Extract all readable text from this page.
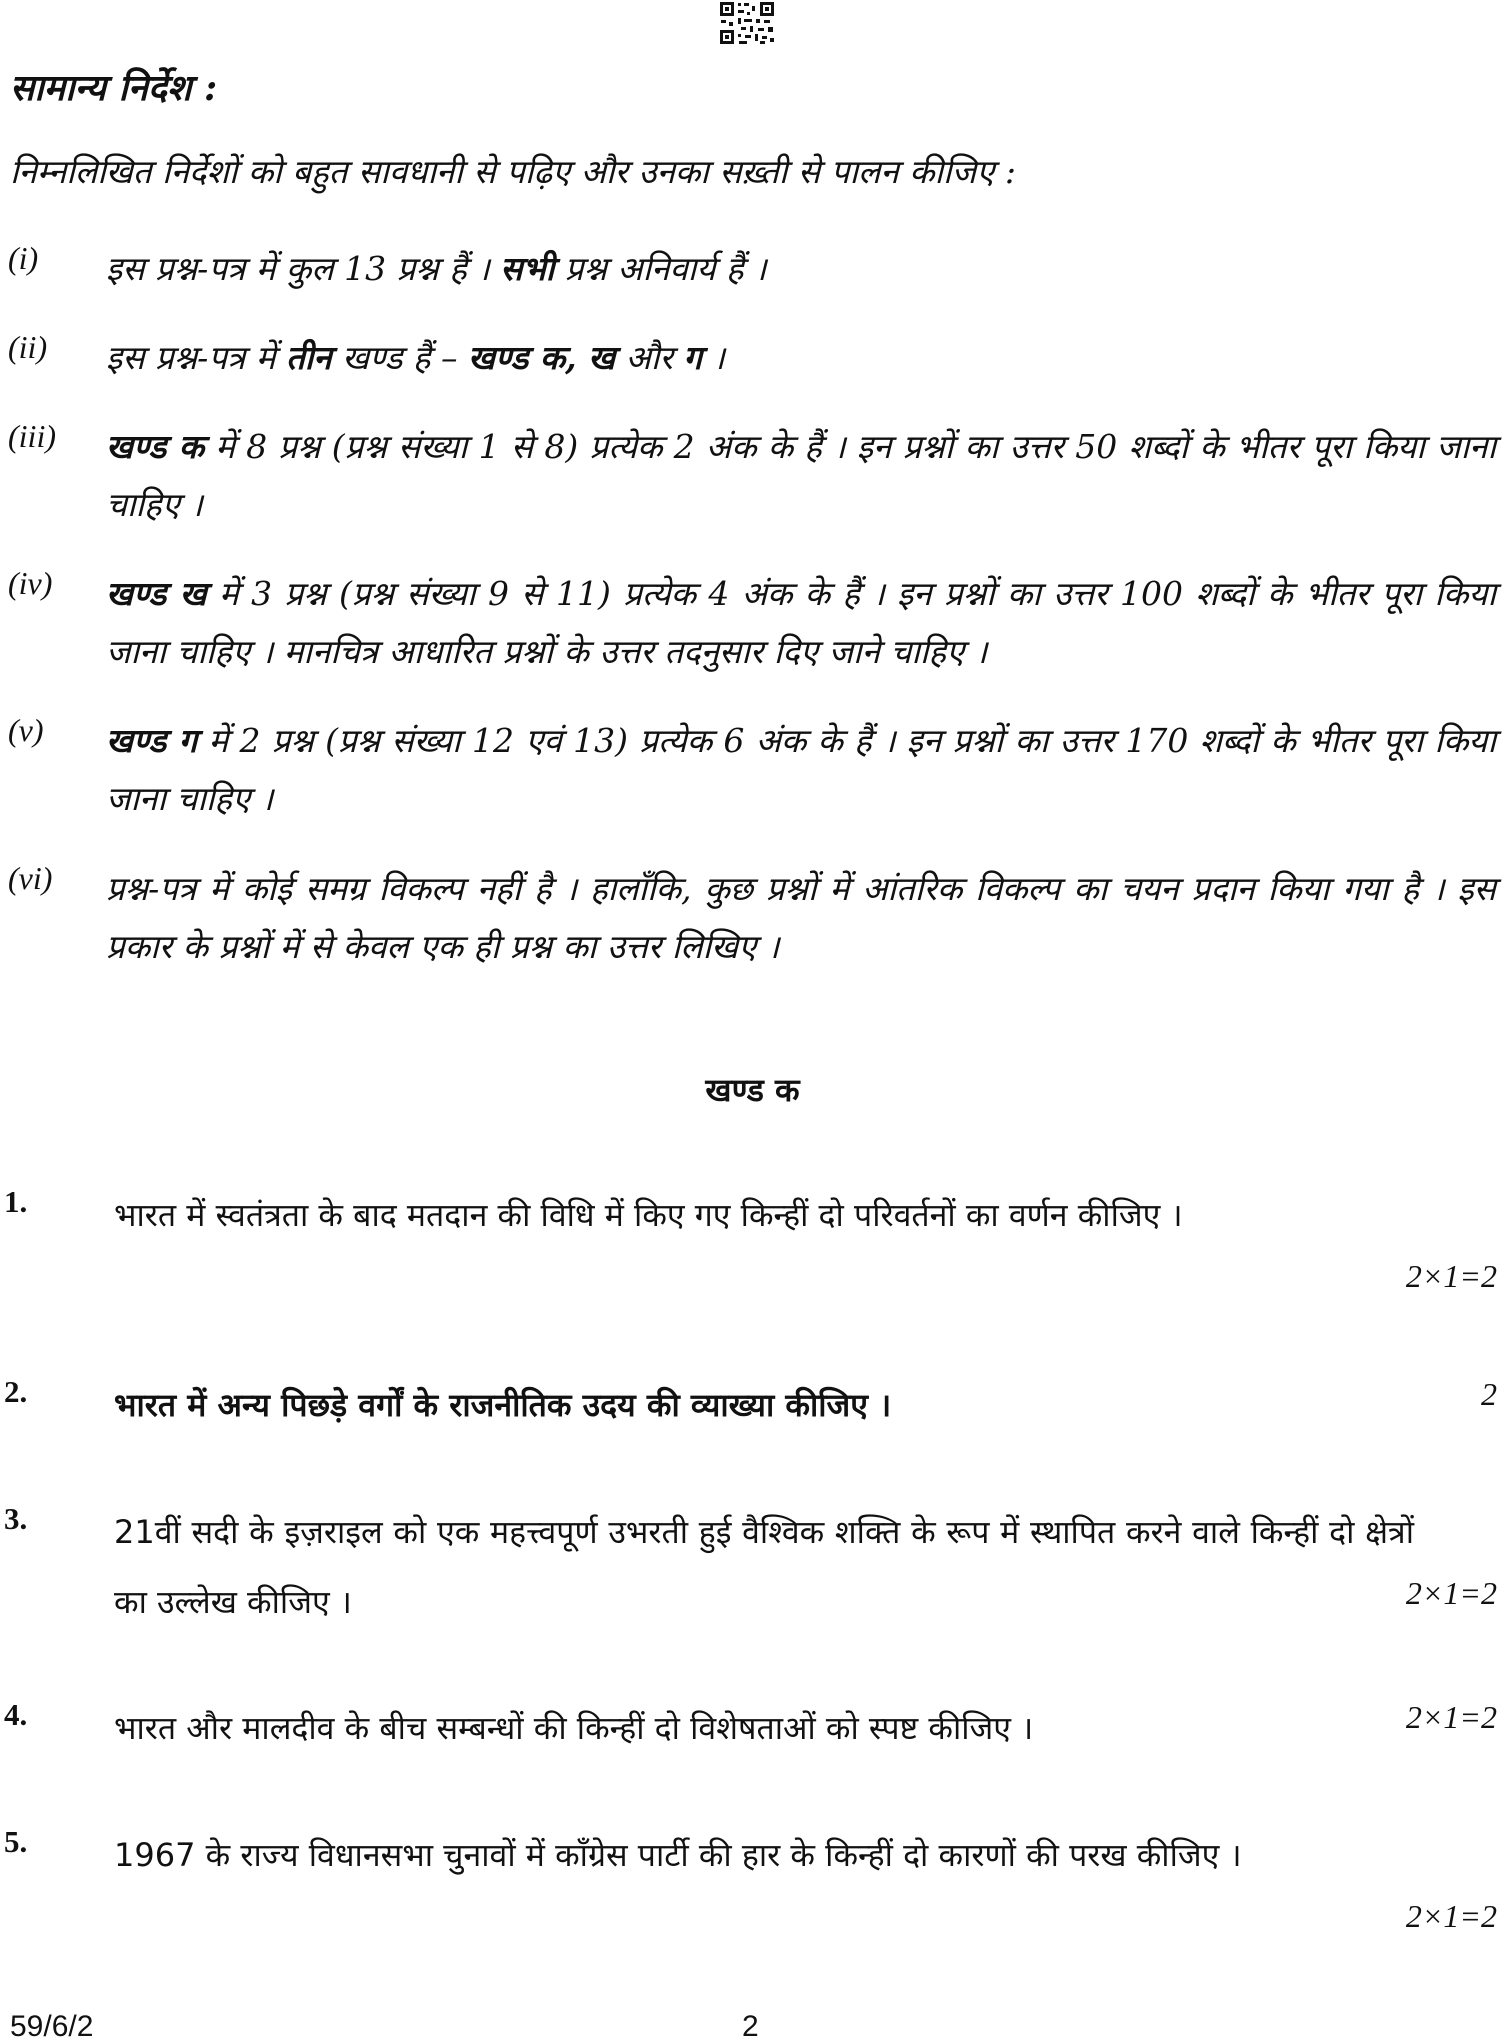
सामान्य निर्देश :
निम्नलिखित निर्देशों को बहुत सावधानी से पढ़िए और उनका सख़्ती से पालन कीजिए :
(i) इस प्रश्न-पत्र में कुल 13 प्रश्न हैं । सभी प्रश्न अनिवार्य हैं ।
(ii) इस प्रश्न-पत्र में तीन खण्ड हैं – खण्ड क, ख और ग ।
(iii) खण्ड क में 8 प्रश्न (प्रश्न संख्या 1 से 8) प्रत्येक 2 अंक के हैं । इन प्रश्नों का उत्तर 50 शब्दों के भीतर पूरा किया जाना चाहिए ।
(iv) खण्ड ख में 3 प्रश्न (प्रश्न संख्या 9 से 11) प्रत्येक 4 अंक के हैं । इन प्रश्नों का उत्तर 100 शब्दों के भीतर पूरा किया जाना चाहिए । मानचित्र आधारित प्रश्नों के उत्तर तदनुसार दिए जाने चाहिए ।
(v) खण्ड ग में 2 प्रश्न (प्रश्न संख्या 12 एवं 13) प्रत्येक 6 अंक के हैं । इन प्रश्नों का उत्तर 170 शब्दों के भीतर पूरा किया जाना चाहिए ।
(vi) प्रश्न-पत्र में कोई समग्र विकल्प नहीं है । हालाँकि, कुछ प्रश्नों में आंतरिक विकल्प का चयन प्रदान किया गया है । इस प्रकार के प्रश्नों में से केवल एक ही प्रश्न का उत्तर लिखिए ।
खण्ड क
1.	भारत में स्वतंत्रता के बाद मतदान की विधि में किए गए किन्हीं दो परिवर्तनों का वर्णन कीजिए ।
2×1=2
2.	भारत में अन्य पिछड़े वर्गों के राजनीतिक उदय की व्याख्या कीजिए ।	2
3.	21वीं सदी के इज़राइल को एक महत्त्वपूर्ण उभरती हुई वैश्विक शक्ति के रूप में स्थापित करने वाले किन्हीं दो क्षेत्रों का उल्लेख कीजिए ।	2×1=2
4.	भारत और मालदीव के बीच सम्बन्धों की किन्हीं दो विशेषताओं को स्पष्ट कीजिए ।	2×1=2
5.	1967 के राज्य विधानसभा चुनावों में काँग्रेस पार्टी की हार के किन्हीं दो कारणों की परख कीजिए ।
2×1=2
59/6/2	2
